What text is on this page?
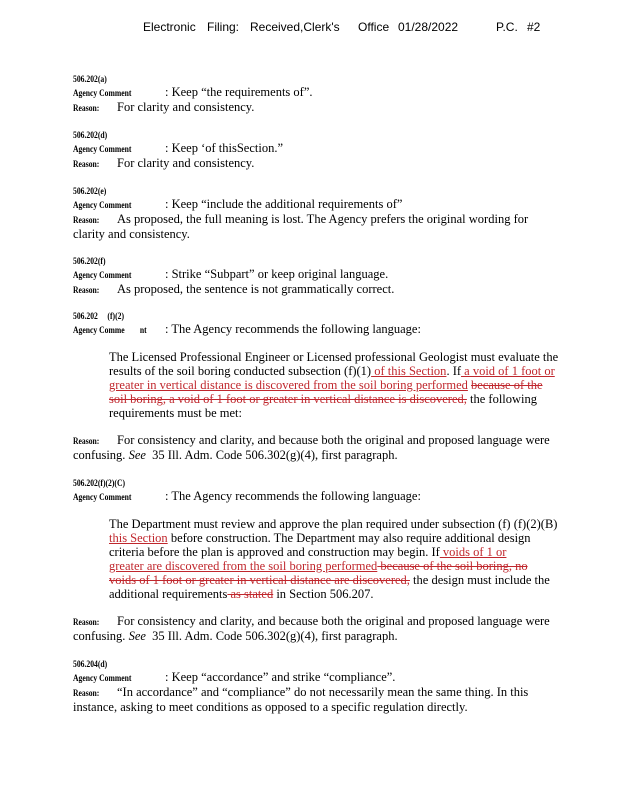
Electronic Filing: Received,Clerk's Office 01/28/2022	P.C. #2
506.202(a)
Agency Comment	: Keep “the requirements of”.
Reason: For clarity and consistency.
506.202(d)
Agency Comment	: Keep ‘of thisSection.”
Reason: For clarity and consistency.
506.202(e)
Agency Comment	: Keep “include the additional requirements of”
Reason: As proposed, the full meaning is lost. The Agency prefers the original wording for
clarity and consistency.
506.202(f)
Agency Comment	: Strike “Subpart” or keep original language.
Reason: As proposed, the sentence is not grammatically correct.
506.202 (f)(2)
Agency Comme nt : The Agency recommends the following language:
The Licensed Professional Engineer or Licensed professional Geologist must evaluate the
results of the soil boring conducted subsection (f)(1) of this Section. If a void of 1 foot or
greater in vertical distance is discovered from the soil boring performed because of the
soil boring, a void of 1 foot or greater in vertical distance is discovered, the following
requirements must be met:
Reason: For consistency and clarity, and because both the original and proposed language were
confusing. See 35 Ill. Adm. Code 506.302(g)(4), first paragraph.
506.202(f)(2)(C)
Agency Comment	: The Agency recommends the following language:
The Department must review and approve the plan required under subsection (f) (f)(2)(B)
this Section before construction. The Department may also require additional design
criteria before the plan is approved and construction may begin. If voids of 1 or
greater are discovered from the soil boring performed because of the soil boring, no
voids of 1 foot or greater in vertical distance are discovered, the design must include the
additional requirements as stated in Section 506.207.
Reason: For consistency and clarity, and because both the original and proposed language were
confusing. See 35 Ill. Adm. Code 506.302(g)(4), first paragraph.
506.204(d)
Agency Comment	: Keep “accordance” and strike “compliance”.
Reason: “In accordance” and “compliance” do not necessarily mean the same thing. In this
instance, asking to meet conditions as opposed to a specific regulation directly.
